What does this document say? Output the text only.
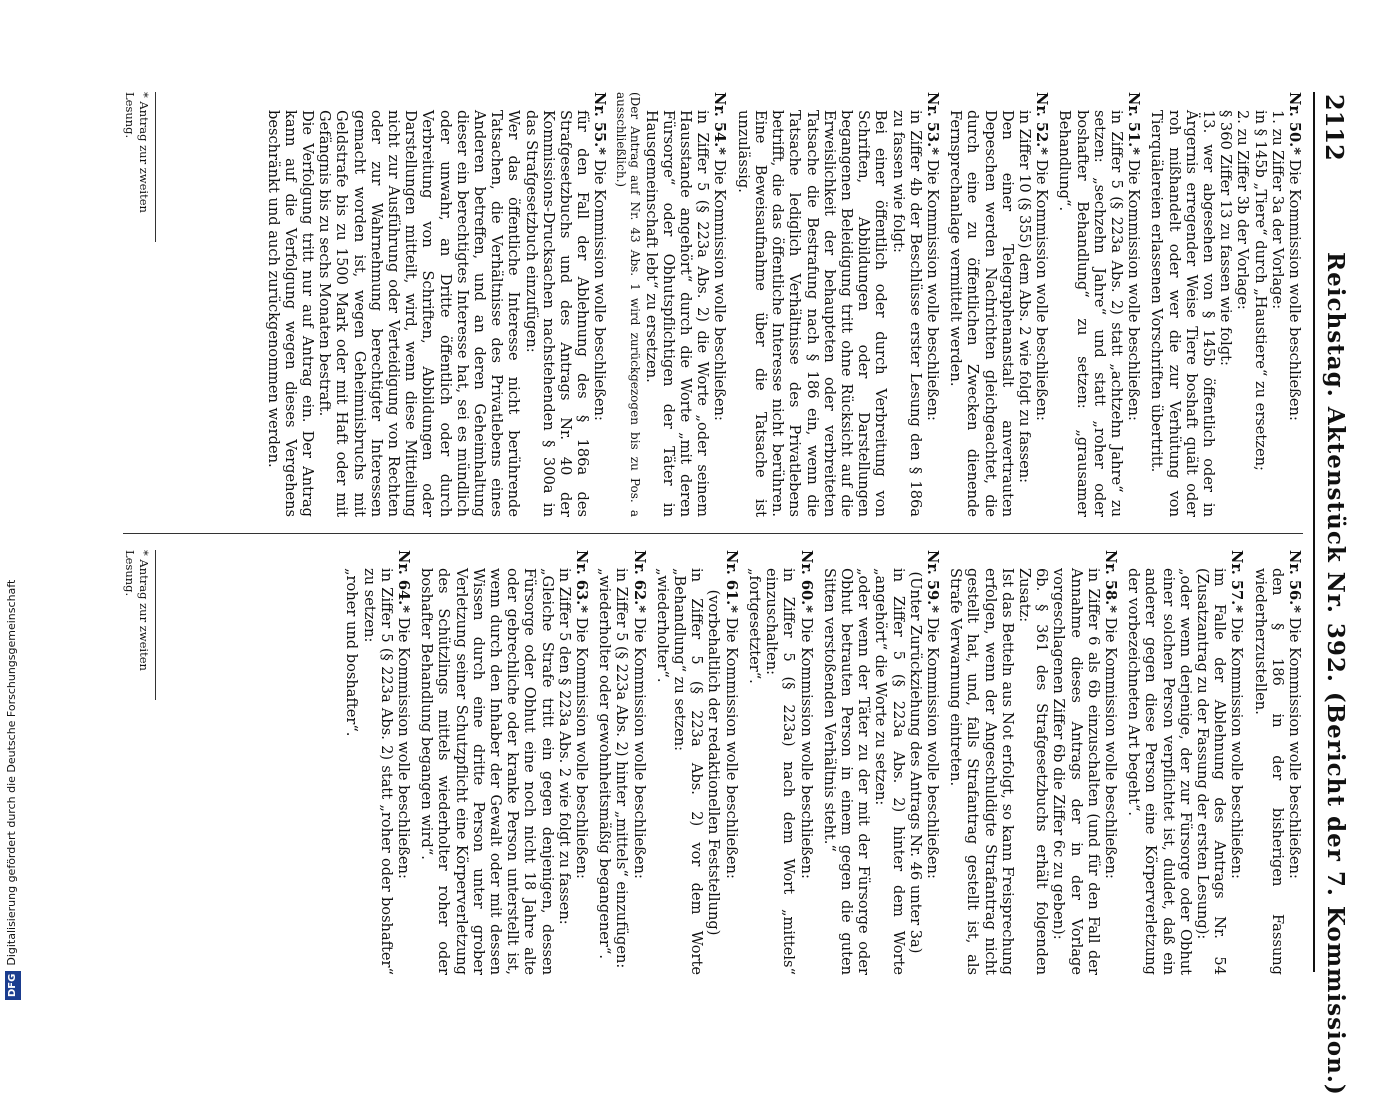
2112
Reichstag. Aktenstück Nr. 392. (Bericht der 7. Kommission.)

Nr. 50.* Die Kommission wolle beschließen:

1. zu Ziffer 3a der Vorlage:

in § 145b „Tiere“ durch „Haustiere“ zu ersetzen;

2. zu Ziffer 3b der Vorlage:

§ 360 Ziffer 13 zu fassen wie folgt:

13. wer abgesehen von § 145b öffentlich oder in Ärgernis erregender Weise Tiere boshaft quält oder roh mißhandelt oder wer die zur Verhütung von Tierquälereien erlassenen Vorschriften übertritt.

Nr. 51.* Die Kommission wolle beschließen:

in Ziffer 5 (§ 223a Abs. 2) statt „achtzehn Jahre“ zu setzen: „sechzehn Jahre“ und statt „roher oder boshafter Behandlung“ zu setzen: „grausamer Behandlung“.

Nr. 52.* Die Kommission wolle beschließen:

in Ziffer 10 (§ 355) dem Abs. 2 wie folgt zu fassen:

Den einer Telegraphenanstalt anvertrauten Depeschen werden Nachrichten gleichgeachtet, die durch eine zu öffentlichen Zwecken dienende Fernsprechanlage vermittelt werden.

Nr. 53.* Die Kommission wolle beschließen:

in Ziffer 4b der Beschlüsse erster Lesung den § 186a zu fassen wie folgt:

Bei einer öffentlich oder durch Verbreitung von Schriften, Abbildungen oder Darstellungen begangenen Beleidigung tritt ohne Rücksicht auf die Erweislichkeit der behaupteten oder verbreiteten Tatsache die Bestrafung nach § 186 ein, wenn die Tatsache lediglich Verhältnisse des Privatlebens betrifft, die das öffentliche Interesse nicht berühren. Eine Beweisaufnahme über die Tatsache ist unzulässig.

Nr. 54.* Die Kommission wolle beschließen:

in Ziffer 5 (§ 223a Abs. 2) die Worte „oder seinem Hausstande angehört“ durch die Worte „mit deren Fürsorge“ oder Obhutspflichtigen der Täter in Hausgemeinschaft lebt“ zu ersetzen.

(Der Antrag auf Nr. 43 Abs. 1 wird zurückgezogen bis zu Pos. a ausschließlich.)

Nr. 55.* Die Kommission wolle beschließen:

für den Fall der Ablehnung des § 186a des Strafgesetzbuchs und des Antrags Nr. 40 der Kommissions-Drucksachen nachstehenden § 300a in das Strafgesetzbuch einzufügen:

Wer das öffentliche Interesse nicht berührende Tatsachen, die Verhältnisse des Privatlebens eines Anderen betreffen, und an deren Geheimhaltung dieser ein berechtigtes Interesse hat, sei es mündlich oder unwahr, an Dritte öffentlich oder durch Verbreitung von Schriften, Abbildungen oder Darstellungen mitteilt, wird, wenn diese Mitteilung nicht zur Ausführung oder Verteidigung von Rechten oder zur Wahrnehmung berechtigter Interessen gemacht worden ist, wegen Geheimnisbruchs mit Geldstrafe bis zu 1500 Mark oder mit Haft oder mit Gefängnis bis zu sechs Monaten bestraft.

Die Verfolgung tritt nur auf Antrag ein. Der Antrag kann auf die Verfolgung wegen dieses Vergehens beschränkt und auch zurückgenommen werden.

Nr. 56.* Die Kommission wolle beschließen:

den § 186 in der bisherigen Fassung wiederherzustellen.

Nr. 57.* Die Kommission wolle beschließen:

im Falle der Ablehnung des Antrags Nr. 54 (Zusatzantrag zu der Fassung der ersten Lesung):

„oder wenn derjenige, der zur Fürsorge oder Obhut einer solchen Person verpflichtet ist, duldet, daß ein anderer gegen diese Person eine Körperverletzung der vorbezeichneten Art begeht“.

Nr. 58.* Die Kommission wolle beschließen:

in Ziffer 6 als 6b einzuschalten (und für den Fall der Annahme dieses Antrags der in der Vorlage vorgeschlagenen Ziffer 6b die Ziffer 6c zu geben):

6b. § 361 des Strafgesetzbuchs erhält folgenden Zusatz:

Ist das Betteln aus Not erfolgt, so kann Freisprechung erfolgen, wenn der Angeschuldigte Strafantrag nicht gestellt hat, und, falls Strafantrag gestellt ist, als Strafe Verwarnung eintreten.

Nr. 59.* Die Kommission wolle beschließen:

(Unter Zurückziehung des Antrags Nr. 46 unter 3a)

in Ziffer 5 (§ 223a Abs. 2) hinter dem Worte „angehört“ die Worte zu setzen:

„oder wenn der Täter zu der mit der Fürsorge oder Obhut betrauten Person in einem gegen die guten Sitten verstoßenden Verhältnis steht.“

Nr. 60.* Die Kommission wolle beschließen:

in Ziffer 5 (§ 223a) nach dem Wort „mittels“ einzuschalten:

„fortgesetzter“.

Nr. 61.* Die Kommission wolle beschließen:

(vorbehaltlich der redaktionellen Feststellung)

in Ziffer 5 (§ 223a Abs. 2) vor dem Worte „Behandlung“ zu setzen:

„wiederholter“.

Nr. 62.* Die Kommission wolle beschließen:

in Ziffer 5 (§ 223a Abs. 2) hinter „mittels“ einzufügen:

„wiederholter oder gewohnheitsmäßig begangener“.

Nr. 63.* Die Kommission wolle beschließen:

in Ziffer 5 den § 223a Abs. 2 wie folgt zu fassen:

„Gleiche Strafe tritt ein gegen denjenigen, dessen Fürsorge oder Obhut eine noch nicht 18 Jahre alte oder gebrechliche oder kranke Person unterstellt ist, wenn durch den Inhaber der Gewalt oder mit dessen Wissen durch eine dritte Person unter grober Verletzung seiner Schutzpflicht eine Körperverletzung des Schützlings mittels wiederholter roher oder boshafter Behandlung begangen wird“.

Nr. 64.* Die Kommission wolle beschließen:

in Ziffer 5 (§ 223a Abs. 2) statt „roher oder boshafter“ zu setzen:

„roher und boshafter“.

* Antrag zur zweiten Lesung.
* Antrag zur zweiten Lesung.
DFGDigitalisierung gefördert durch die Deutsche Forschungsgemeinschaft
